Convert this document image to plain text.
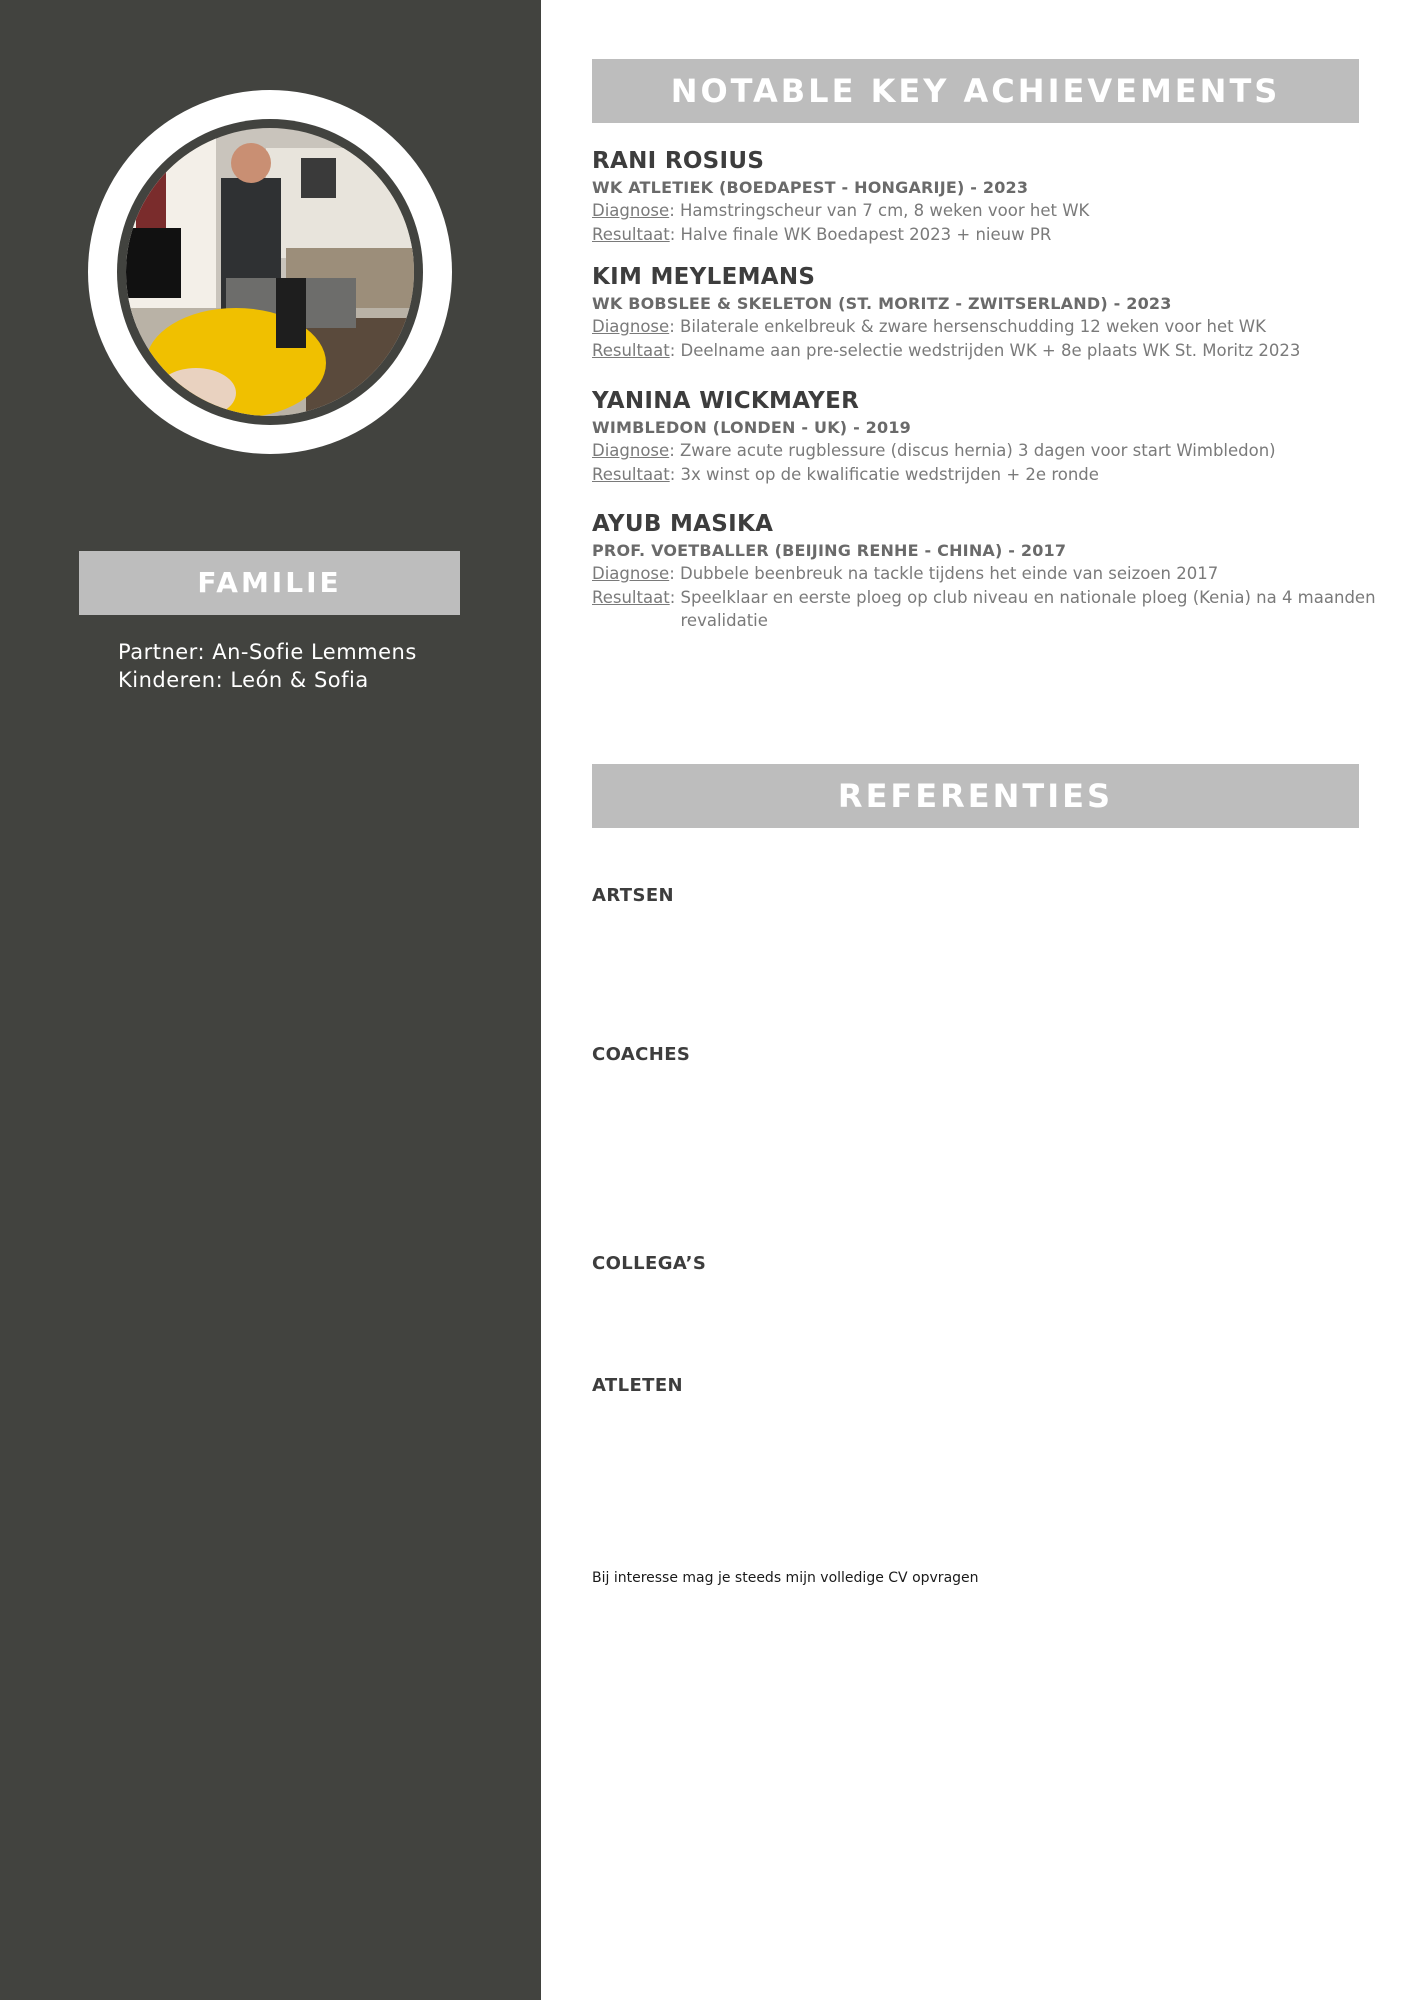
FAMILIE
Partner: An-Sofie Lemmens
Kinderen: León & Sofia
NOTABLE KEY ACHIEVEMENTS
RANI ROSIUS
WK ATLETIEK (BOEDAPEST - HONGARIJE) - 2023
Diagnose : Hamstringscheur van 7 cm, 8 weken voor het WK
Resultaat : Halve finale WK Boedapest 2023 + nieuw PR
KIM MEYLEMANS
WK BOBSLEE & SKELETON (ST. MORITZ - ZWITSERLAND) - 2023
Diagnose : Bilaterale enkelbreuk & zware hersenschudding 12 weken voor het WK
Resultaat : Deelname aan pre-selectie wedstrijden WK + 8e plaats WK St. Moritz 2023
YANINA WICKMAYER
WIMBLEDON (LONDEN - UK) - 2019
Diagnose : Zware acute rugblessure (discus hernia) 3 dagen voor start Wimbledon)
Resultaat : 3x winst op de kwalificatie wedstrijden + 2e ronde
AYUB MASIKA
PROF. VOETBALLER (BEIJING RENHE - CHINA) - 2017
Diagnose : Dubbele beenbreuk na tackle tijdens het einde van seizoen 2017
Resultaat : Speelklaar en eerste ploeg op club niveau en nationale ploeg (Kenia) na 4 maanden revalidatie
REFERENTIES
ARTSEN
COACHES
COLLEGA’S
ATLETEN
Bij interesse mag je steeds mijn volledige CV opvragen
